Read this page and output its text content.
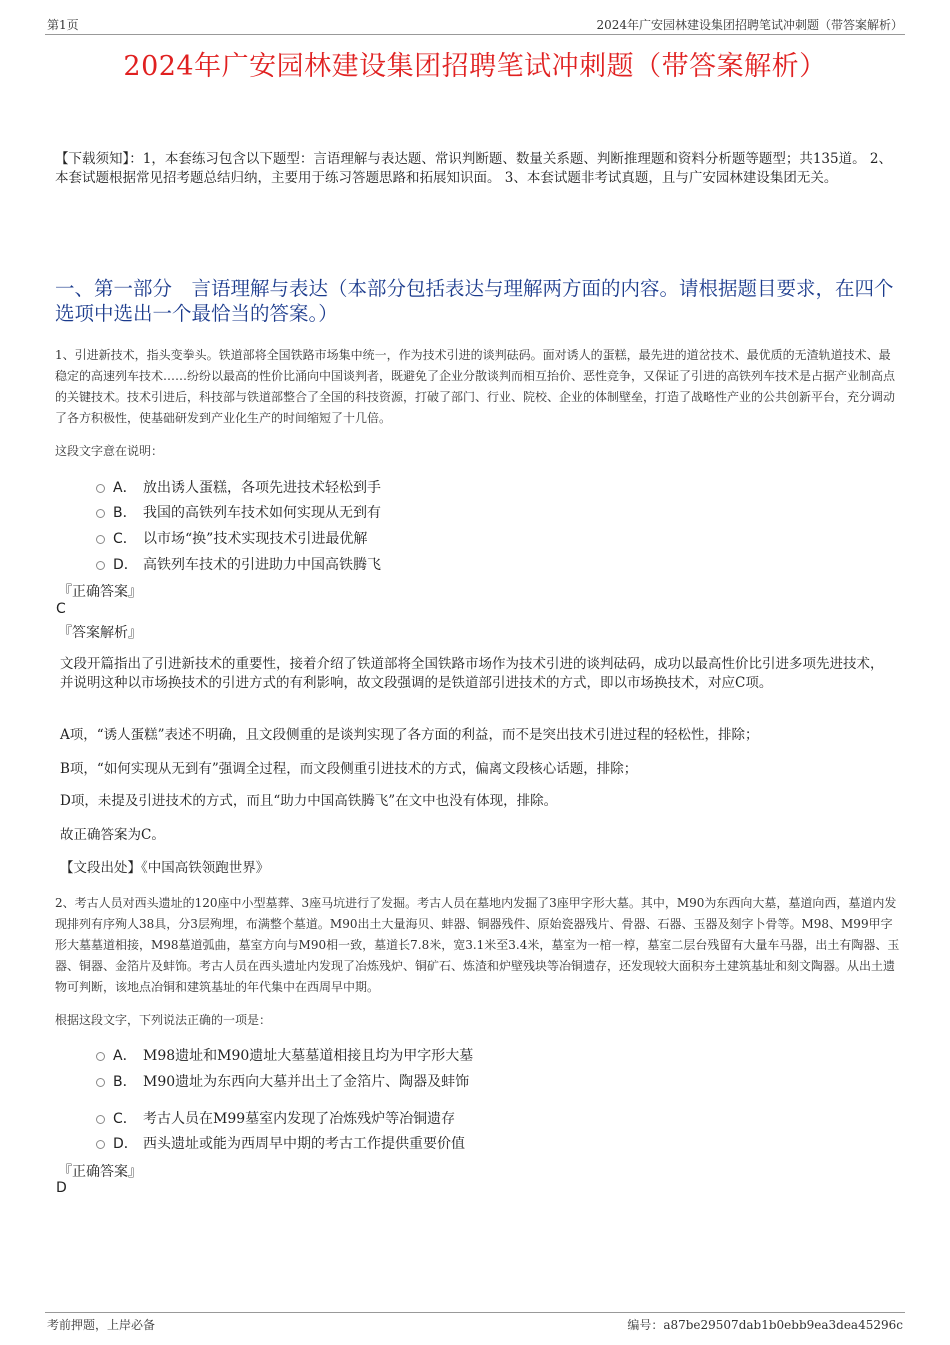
第1页	2024年广安园林建设集团招聘笔试冲刺题（带答案解析）
2024年广安园林建设集团招聘笔试冲刺题（带答案解析）
【下载须知】：1，本套练习包含以下题型：言语理解与表达题、常识判断题、数量关系题、判断推理题和资料分析题等题型；共135道。 2、本套试题根据常见招考题总结归纳，主要用于练习答题思路和拓展知识面。 3、本套试题非考试真题，且与广安园林建设集团无关。
一、第一部分　言语理解与表达（本部分包括表达与理解两方面的内容。请根据题目要求，在四个选项中选出一个最恰当的答案。）
1、引进新技术，指头变拳头。铁道部将全国铁路市场集中统一，作为技术引进的谈判砝码。面对诱人的蛋糕，最先进的道岔技术、最优质的无渣轨道技术、最稳定的高速列车技术……纷纷以最高的性价比涌向中国谈判者，既避免了企业分散谈判而相互抬价、恶性竞争，又保证了引进的高铁列车技术是占据产业制高点的关键技术。技术引进后，科技部与铁道部整合了全国的科技资源，打破了部门、行业、院校、企业的体制壁垒，打造了战略性产业的公共创新平台，充分调动了各方积极性，使基础研发到产业化生产的时间缩短了十几倍。
这段文字意在说明：
A． 放出诱人蛋糕，各项先进技术轻松到手
B． 我国的高铁列车技术如何实现从无到有
C． 以市场“换”技术实现技术引进最优解
D． 高铁列车技术的引进助力中国高铁腾飞
『正确答案』
C
『答案解析』
文段开篇指出了引进新技术的重要性，接着介绍了铁道部将全国铁路市场作为技术引进的谈判砝码，成功以最高性价比引进多项先进技术，并说明这种以市场换技术的引进方式的有利影响，故文段强调的是铁道部引进技术的方式，即以市场换技术，对应C项。
A项，“诱人蛋糕”表述不明确，且文段侧重的是谈判实现了各方面的利益，而不是突出技术引进过程的轻松性，排除；
B项，“如何实现从无到有”强调全过程，而文段侧重引进技术的方式，偏离文段核心话题，排除；
D项，未提及引进技术的方式，而且“助力中国高铁腾飞”在文中也没有体现，排除。
故正确答案为C。
【文段出处】《中国高铁领跑世界》
2、考古人员对西头遗址的120座中小型墓葬、3座马坑进行了发掘。考古人员在墓地内发掘了3座甲字形大墓。其中，M90为东西向大墓，墓道向西，墓道内发现排列有序殉人38具，分3层殉埋，布满整个墓道。M90出土大量海贝、蚌器、铜器残件、原始瓷器残片、骨器、石器、玉器及刻字卜骨等。M98、M99甲字形大墓墓道相接，M98墓道弧曲，墓室方向与M90相一致，墓道长7.8米，宽3.1米至3.4米，墓室为一棺一椁，墓室二层台残留有大量车马器，出土有陶器、玉器、铜器、金箔片及蚌饰。考古人员在西头遗址内发现了冶炼残炉、铜矿石、炼渣和炉壁残块等冶铜遗存，还发现较大面积夯土建筑基址和刻文陶器。从出土遗物可判断，该地点冶铜和建筑基址的年代集中在西周早中期。
根据这段文字，下列说法正确的一项是：
A． M98遗址和M90遗址大墓墓道相接且均为甲字形大墓
B． M90遗址为东西向大墓并出土了金箔片、陶器及蚌饰
C． 考古人员在M99墓室内发现了冶炼残炉等冶铜遗存
D． 西头遗址或能为西周早中期的考古工作提供重要价值
『正确答案』
D
考前押题，上岸必备	编号：a87be29507dab1b0ebb9ea3dea45296c
